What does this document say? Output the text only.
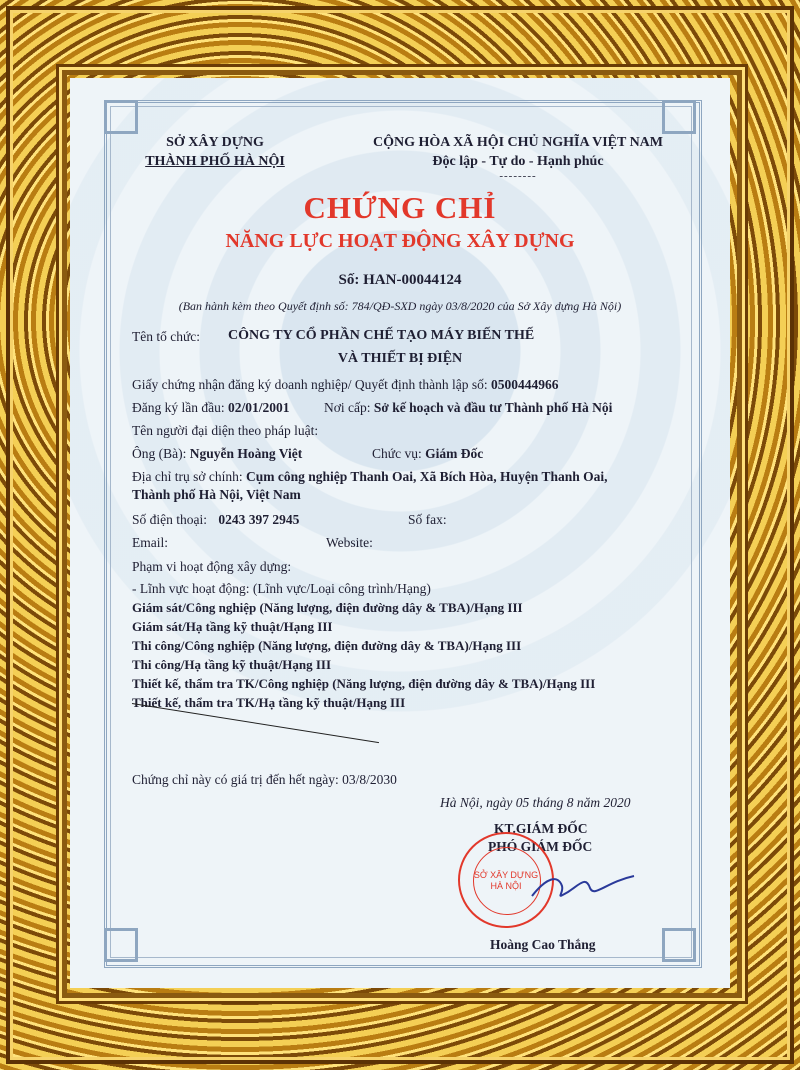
SỞ XÂY DỰNG
THÀNH PHỐ HÀ NỘI
CỘNG HÒA XÃ HỘI CHỦ NGHĨA VIỆT NAM
Độc lập - Tự do - Hạnh phúc
--------
CHỨNG CHỈ
NĂNG LỰC HOẠT ĐỘNG XÂY DỰNG
Số: HAN-00044124
(Ban hành kèm theo Quyết định số: 784/QĐ-SXD ngày 03/8/2020 của Sở Xây dựng Hà Nội)
Tên tổ chức: CÔNG TY CỔ PHẦN CHẾ TẠO MÁY BIẾN THẾ
VÀ THIẾT BỊ ĐIỆN
Giấy chứng nhận đăng ký doanh nghiệp/ Quyết định thành lập số: 0500444966
Đăng ký lần đầu: 02/01/2001	Nơi cấp: Sở kế hoạch và đầu tư Thành phố Hà Nội
Tên người đại diện theo pháp luật:
Ông (Bà): Nguyễn Hoàng Việt	Chức vụ: Giám Đốc
Địa chỉ trụ sở chính: Cụm công nghiệp Thanh Oai, Xã Bích Hòa, Huyện Thanh Oai,
Thành phố Hà Nội, Việt Nam
Số điện thoại: 0243 397 2945	Số fax:
Email:	Website:
Phạm vi hoạt động xây dựng:
- Lĩnh vực hoạt động: (Lĩnh vực/Loại công trình/Hạng)
Giám sát/Công nghiệp (Năng lượng, điện đường dây & TBA)/Hạng III
Giám sát/Hạ tầng kỹ thuật/Hạng III
Thi công/Công nghiệp (Năng lượng, điện đường dây & TBA)/Hạng III
Thi công/Hạ tầng kỹ thuật/Hạng III
Thiết kế, thẩm tra TK/Công nghiệp (Năng lượng, điện đường dây & TBA)/Hạng III
Thiết kế, thẩm tra TK/Hạ tầng kỹ thuật/Hạng III
Chứng chỉ này có giá trị đến hết ngày: 03/8/2030
Hà Nội, ngày 05 tháng 8 năm 2020
KT.GIÁM ĐỐC
PHÓ GIÁM ĐỐC
SỞ XÂY DỰNG
HÀ NỘI
Hoàng Cao Thắng
